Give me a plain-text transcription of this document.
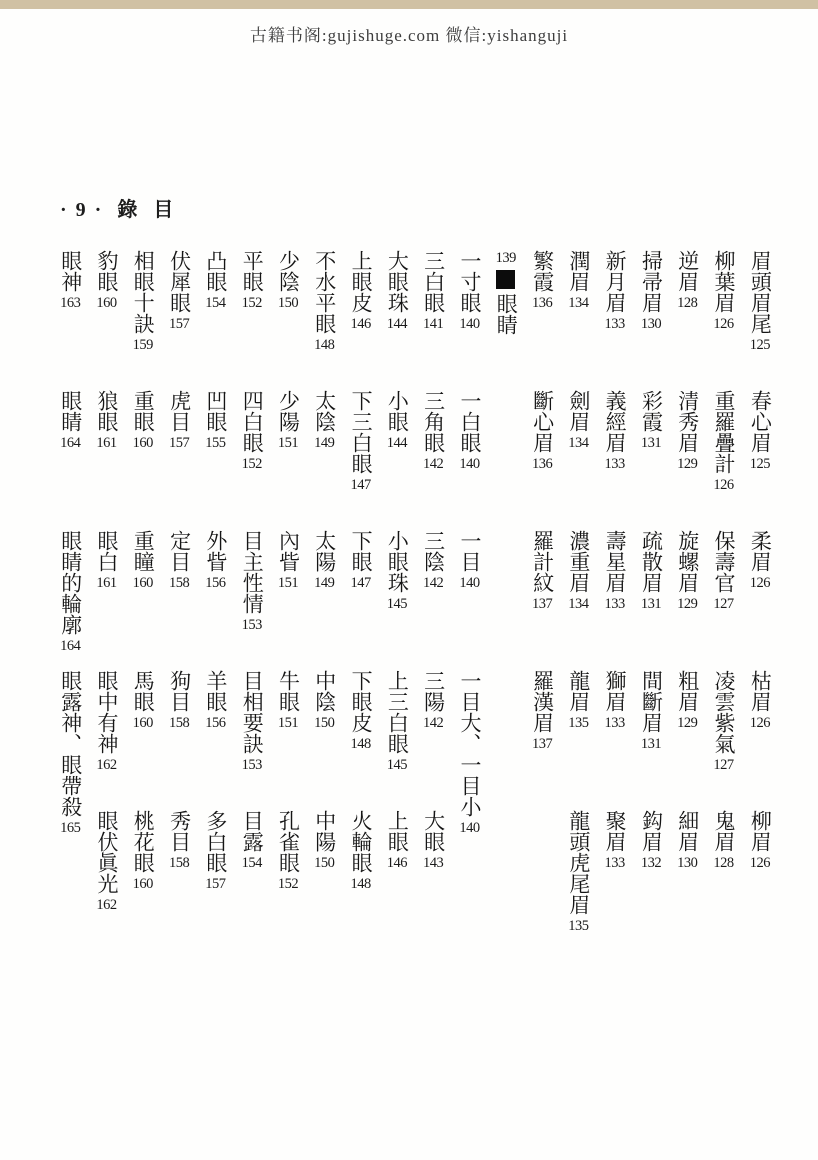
古籍书阁:gujishuge.com 微信:yishanguji
· 9 ·  錄  目
眉頭眉尾
125
柳葉眉
126
逆眉
128
掃帚眉
130
新月眉
133
潤眉
134
繁霞
136
139
眼睛
一寸眼
140
三白眼
141
大眼珠
144
上眼皮
146
不水平眼
148
少陰
150
平眼
152
凸眼
154
伏犀眼
157
相眼十訣
159
豹眼
160
眼神
163
春心眉
125
重羅疊計
126
清秀眉
129
彩霞
131
義經眉
133
劍眉
134
斷心眉
136
一白眼
140
三角眼
142
小眼
144
下三白眼
147
太陰
149
少陽
151
四白眼
152
凹眼
155
虎目
157
重眼
160
狼眼
161
眼睛
164
柔眉
126
保壽官
127
旋螺眉
129
疏散眉
131
壽星眉
133
濃重眉
134
羅計紋
137
一目
140
三陰
142
小眼珠
145
下眼
147
太陽
149
內眥
151
目主性情
153
外眥
156
定目
158
重瞳
160
眼白
161
眼睛的輪廓
164
枯眉
126
凌雲紫氣
127
粗眉
129
間斷眉
131
獅眉
133
龍眉
135
羅漢眉
137
一目大、一目小
140
三陽
142
上三白眼
145
下眼皮
148
中陰
150
牛眼
151
目相要訣
153
羊眼
156
狗目
158
馬眼
160
眼中有神
162
眼露神、眼帶殺
165	柳眉
126
鬼眉
128
細眉
130
鈎眉
132
聚眉
133
龍頭虎尾眉
135
大眼
143
上眼
146
火輪眼
148
中陽
150
孔雀眼
152
目露
154
多白眼
157
秀目
158
桃花眼
160
眼伏眞光
162
